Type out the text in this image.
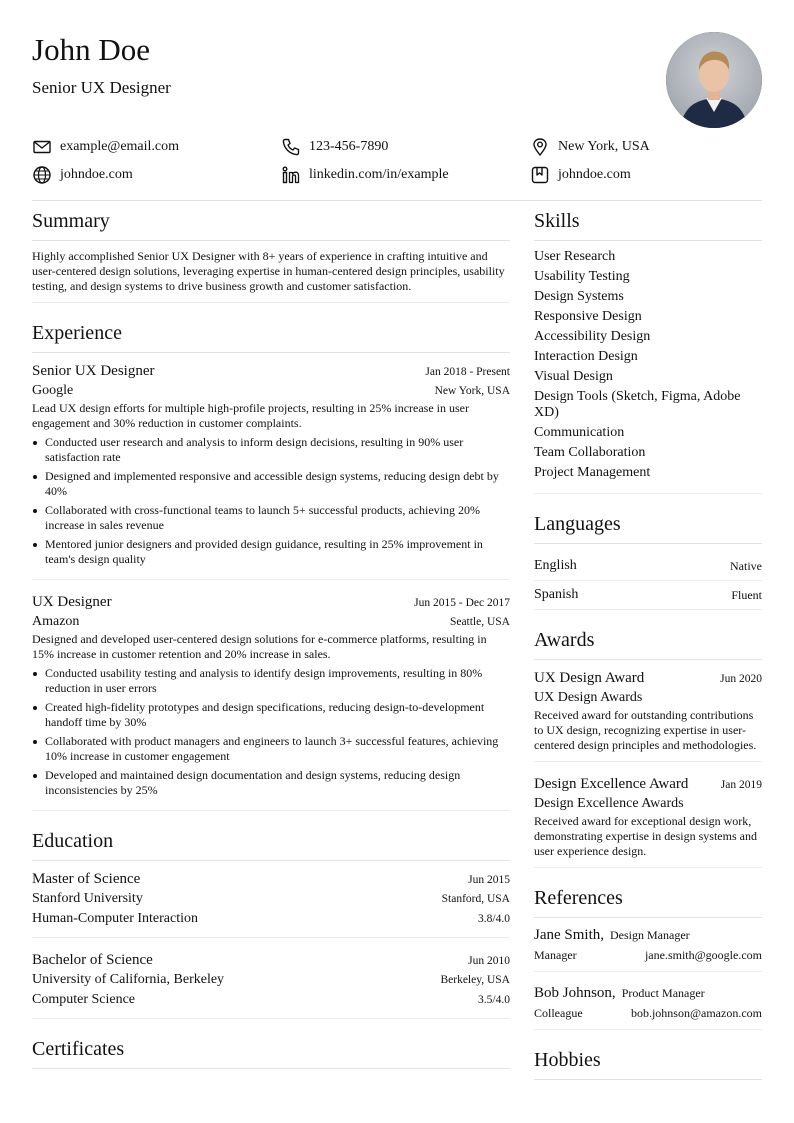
John Doe
Senior UX Designer
example@email.com	123-456-7890	New York, USA
johndoe.com	linkedin.com/in/example	johndoe.com
Summary
Highly accomplished Senior UX Designer with 8+ years of experience in crafting intuitive and user-centered design solutions, leveraging expertise in human-centered design principles, usability testing, and design systems to drive business growth and customer satisfaction.
Experience
Senior UX Designer	Jan 2018 - Present
Google	New York, USA
Lead UX design efforts for multiple high-profile projects, resulting in 25% increase in user engagement and 30% reduction in customer complaints.
Conducted user research and analysis to inform design decisions, resulting in 90% user satisfaction rate
Designed and implemented responsive and accessible design systems, reducing design debt by 40%
Collaborated with cross-functional teams to launch 5+ successful products, achieving 20% increase in sales revenue
Mentored junior designers and provided design guidance, resulting in 25% improvement in team's design quality
UX Designer	Jun 2015 - Dec 2017
Amazon	Seattle, USA
Designed and developed user-centered design solutions for e-commerce platforms, resulting in 15% increase in customer retention and 20% increase in sales.
Conducted usability testing and analysis to identify design improvements, resulting in 80% reduction in user errors
Created high-fidelity prototypes and design specifications, reducing design-to-development handoff time by 30%
Collaborated with product managers and engineers to launch 3+ successful features, achieving 10% increase in customer engagement
Developed and maintained design documentation and design systems, reducing design inconsistencies by 25%
Education
Master of Science	Jun 2015
Stanford University	Stanford, USA
Human-Computer Interaction	3.8/4.0
Bachelor of Science	Jun 2010
University of California, Berkeley	Berkeley, USA
Computer Science	3.5/4.0
Certificates
Skills
User Research
Usability Testing
Design Systems
Responsive Design
Accessibility Design
Interaction Design
Visual Design
Design Tools (Sketch, Figma, Adobe XD)
Communication
Team Collaboration
Project Management
Languages
English	Native
Spanish	Fluent
Awards
UX Design Award	Jun 2020
UX Design Awards
Received award for outstanding contributions to UX design, recognizing expertise in user-centered design principles and methodologies.
Design Excellence Award	Jan 2019
Design Excellence Awards
Received award for exceptional design work, demonstrating expertise in design systems and user experience design.
References
Jane Smith, Design Manager
Manager	jane.smith@google.com
Bob Johnson, Product Manager
Colleague	bob.johnson@amazon.com
Hobbies
